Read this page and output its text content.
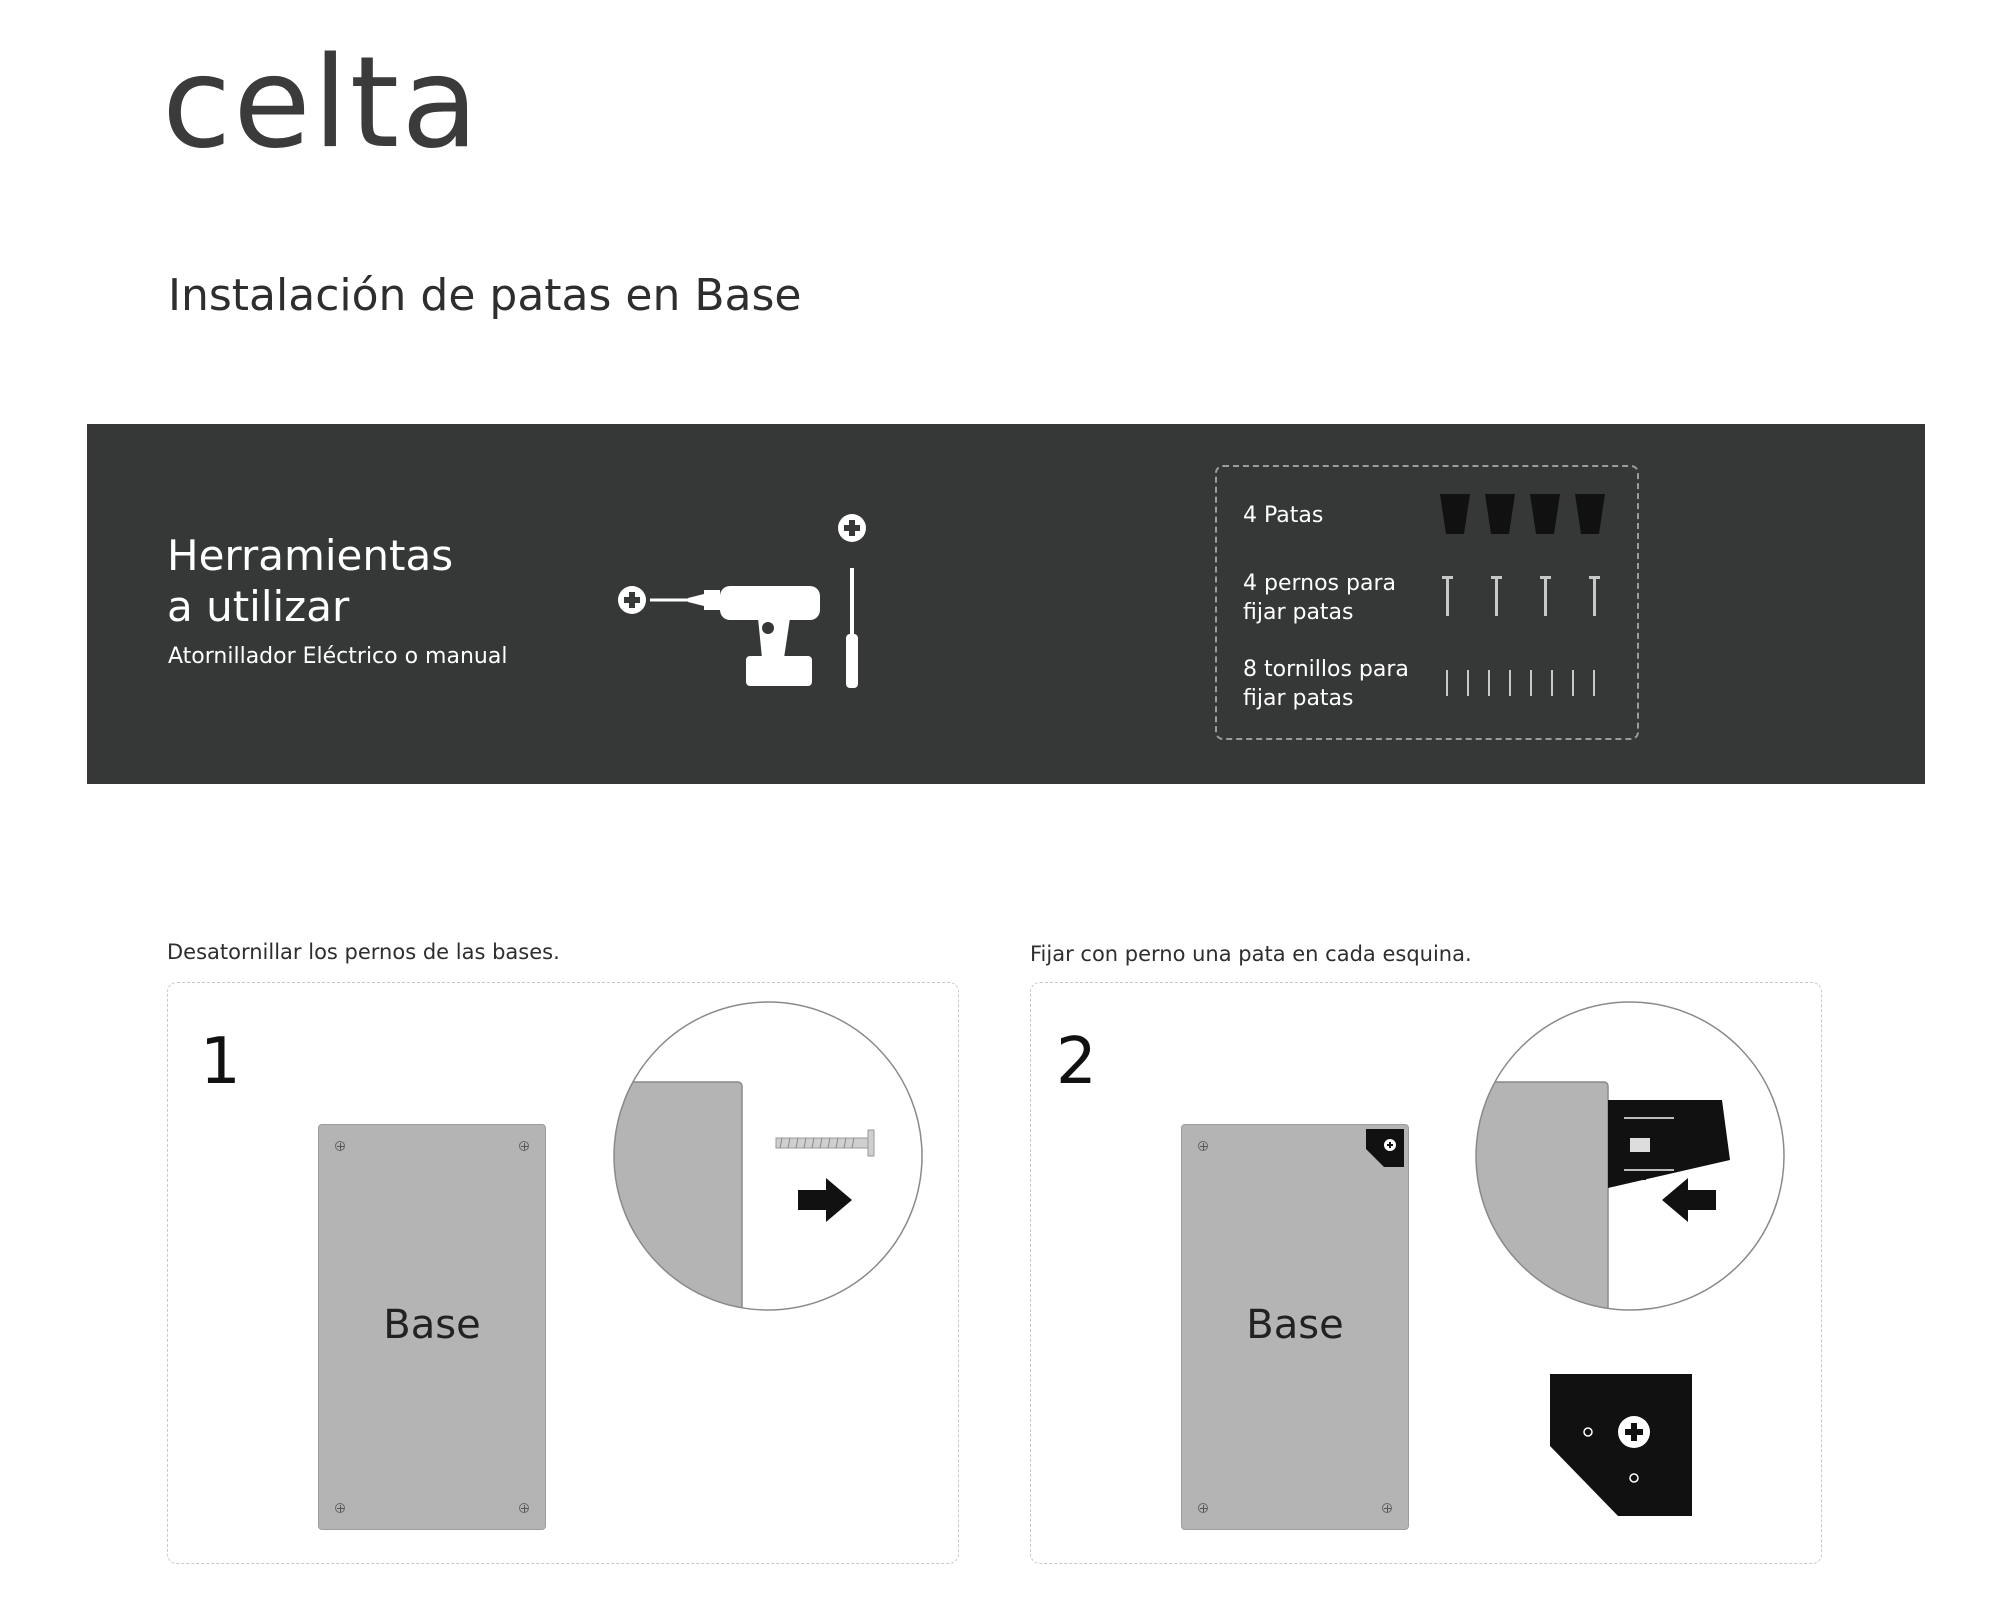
celta
Instalación de patas en Base
Herramientas
a utilizar
Atornillador Eléctrico o manual
4 Patas
4 pernos para
fijar patas
8 tornillos para
fijar patas
Desatornillar los pernos de las bases.
1
Base
Fijar con perno una pata en cada esquina.
2
Base
